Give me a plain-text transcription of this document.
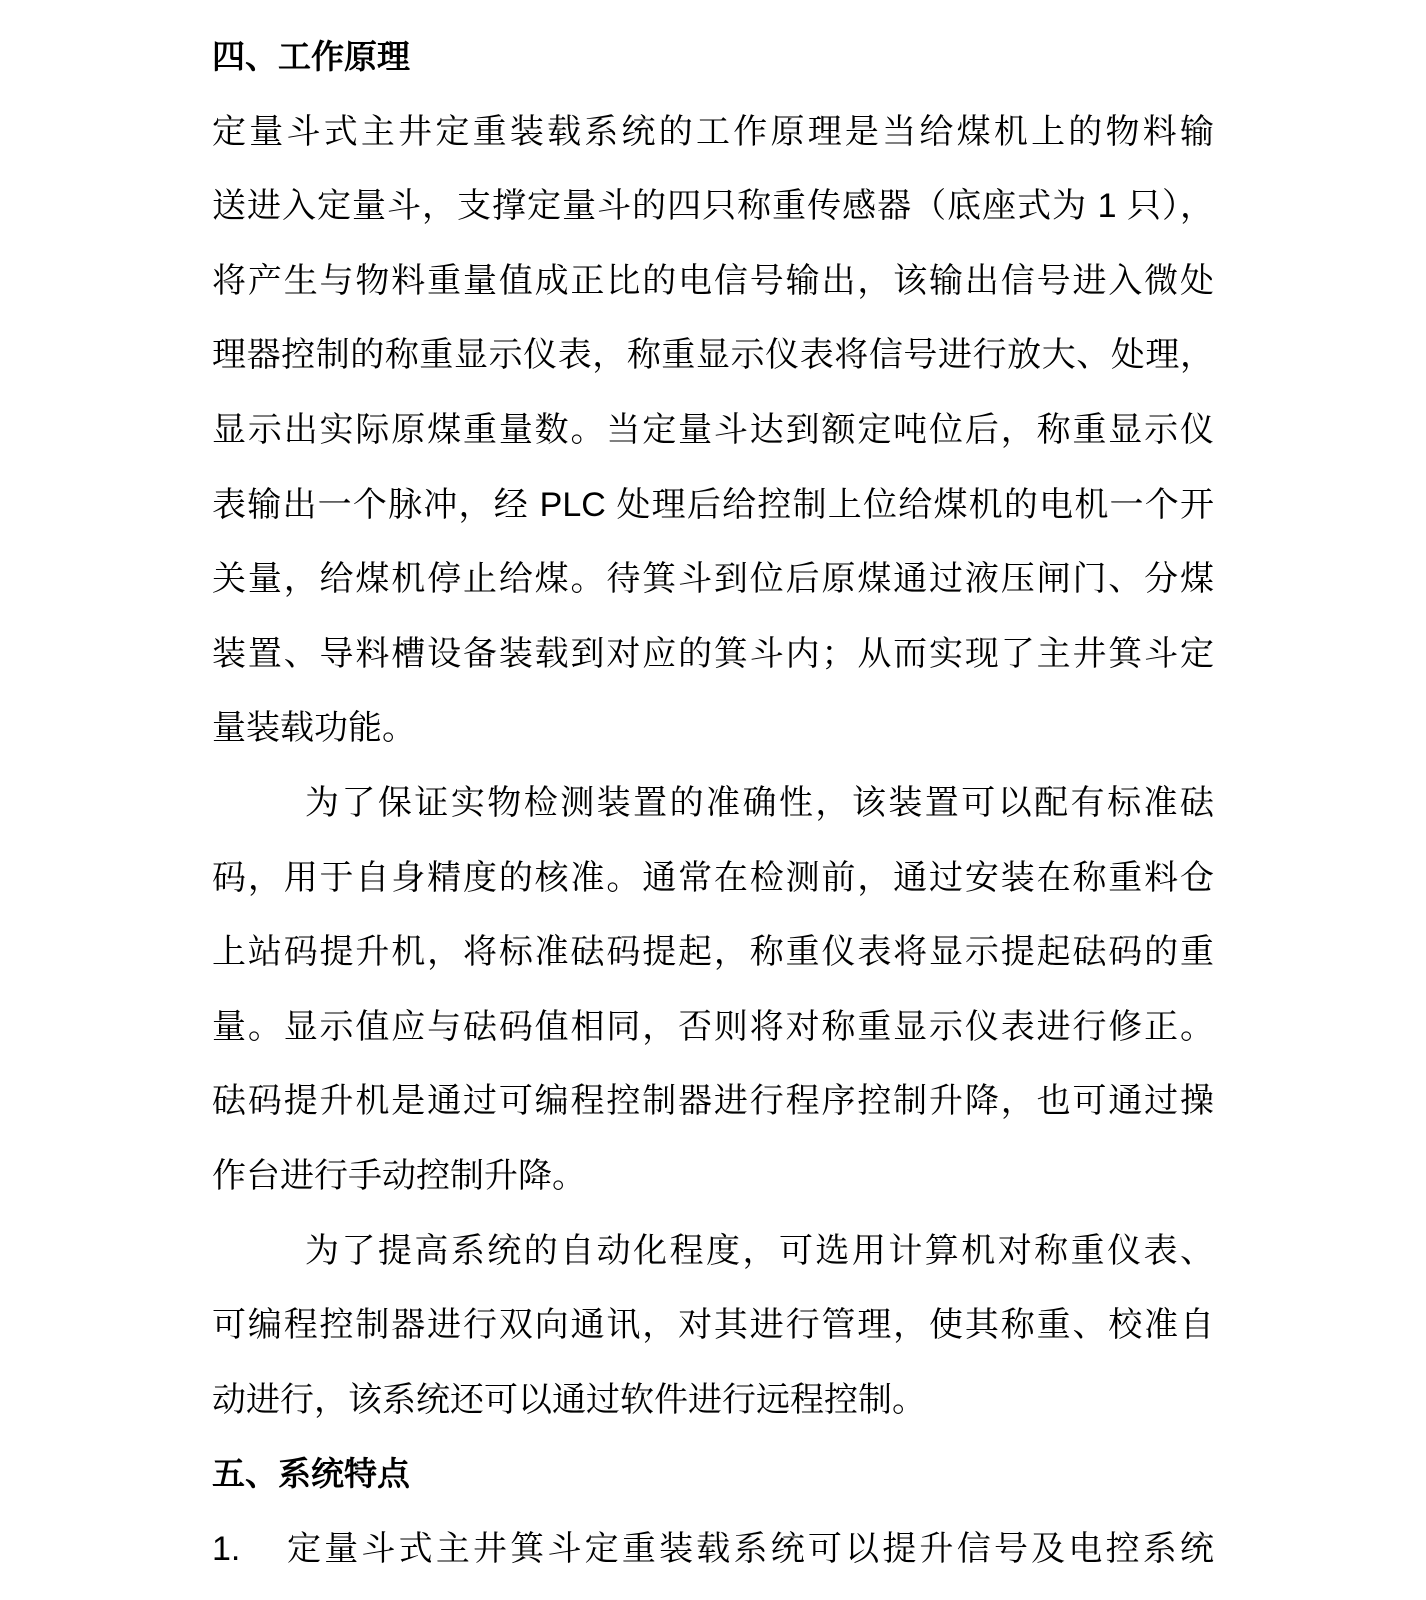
四、工作原理
定量斗式主井定重装载系统的工作原理是当给煤机上的物料输
送进入定量斗，支撑定量斗的四只称重传感器（底座式为 1 只），
将产生与物料重量值成正比的电信号输出，该输出信号进入微处
理器控制的称重显示仪表，称重显示仪表将信号进行放大、处理，
显示出实际原煤重量数。当定量斗达到额定吨位后，称重显示仪
表输出一个脉冲，经 PLC 处理后给控制上位给煤机的电机一个开
关量，给煤机停止给煤。待箕斗到位后原煤通过液压闸门、分煤
装置、导料槽设备装载到对应的箕斗内；从而实现了主井箕斗定
量装载功能。
为了保证实物检测装置的准确性，该装置可以配有标准砝
码，用于自身精度的核准。通常在检测前，通过安装在称重料仓
上站码提升机，将标准砝码提起，称重仪表将显示提起砝码的重
量。显示值应与砝码值相同，否则将对称重显示仪表进行修正。
砝码提升机是通过可编程控制器进行程序控制升降，也可通过操
作台进行手动控制升降。
为了提高系统的自动化程度，可选用计算机对称重仪表、
可编程控制器进行双向通讯，对其进行管理，使其称重、校准自
动进行，该系统还可以通过软件进行远程控制。
五、系统特点
1.	定量斗式主井箕斗定重装载系统可以提升信号及电控系统
